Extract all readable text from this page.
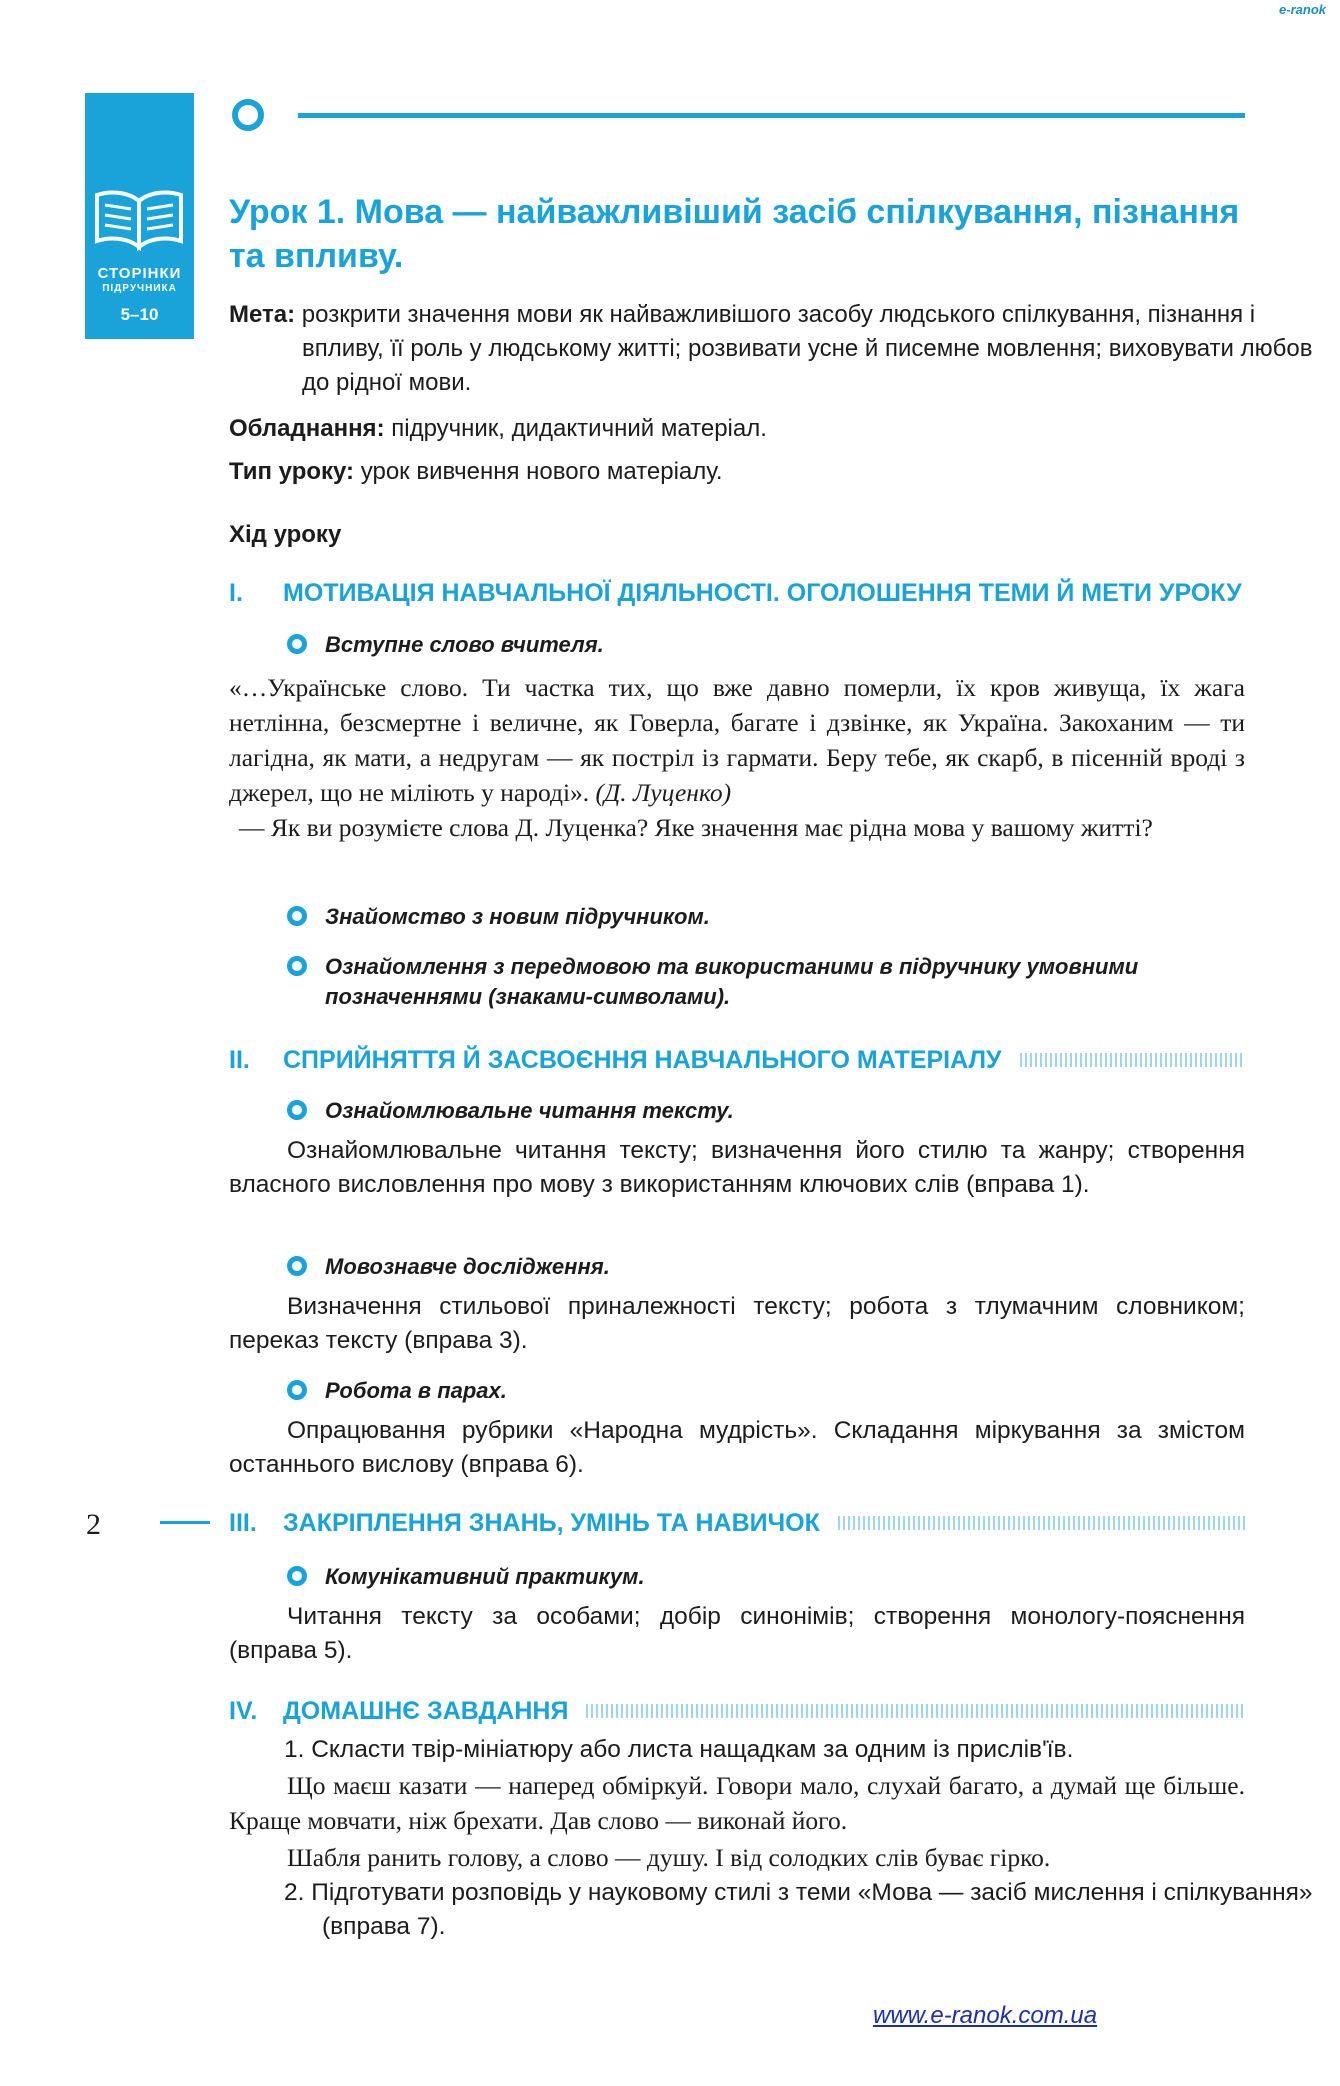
e-ranok
СТОРІНКИ
ПІДРУЧНИКА
5–10
Урок 1. Мова — найважливіший засіб спілкування, пізнання та впливу.

Мета: розкрити значення мови як найважливішого засобу людського спілкування, пізнання і впливу, її роль у людському житті; розвивати усне й писемне мовлення; виховувати любов до рідної мови.

Обладнання: підручник, дидактичний матеріал.

Тип уроку: урок вивчення нового матеріалу.

Хід уроку

I.	МОТИВАЦІЯ НАВЧАЛЬНОЇ ДІЯЛЬНОСТІ. ОГОЛОШЕННЯ ТЕМИ Й МЕТИ УРОКУ
Вступне слово вчителя.

«…Українське слово. Ти частка тих, що вже давно померли, їх кров живуща, їх жага нетлінна, безсмертне і величне, як Говерла, багате і дзвінке, як Україна. Закоханим — ти лагідна, як мати, а недругам — як постріл із гармати. Беру тебе, як скарб, в пісенній вроді з джерел, що не міліють у народі». (Д. Луценко)

— Як ви розумієте слова Д. Луценка? Яке значення має рідна мова у вашому житті?

Знайомство з новим підручником.
Ознайомлення з передмовою та використаними в підручнику умовними позначеннями (знаками-символами).
II.	СПРИЙНЯТТЯ Й ЗАСВОЄННЯ НАВЧАЛЬНОГО МАТЕРІАЛУ
Ознайомлювальне читання тексту.

Ознайомлювальне читання тексту; визначення його стилю та жанру; створення власного висловлення про мову з використанням ключових слів (вправа 1).

Мовознавче дослідження.

Визначення стильової приналежності тексту; робота з тлумачним словником; переказ тексту (вправа 3).

Робота в парах.

Опрацювання рубрики «Народна мудрість». Складання міркування за змістом останнього вислову (вправа 6).

2	III.	ЗАКРІПЛЕННЯ ЗНАНЬ, УМІНЬ ТА НАВИЧОК
Комунікативний практикум.

Читання тексту за особами; добір синонімів; створення монологу-пояснення (вправа 5).

IV.	ДОМАШНЄ ЗАВДАННЯ

1. Скласти твір-мініатюру або листа нащадкам за одним із прислів'їв.

Що маєш казати — наперед обміркуй. Говори мало, слухай багато, а думай ще більше. Краще мовчати, ніж брехати. Дав слово — виконай його.

Шабля ранить голову, а слово — душу. І від солодких слів буває гірко.

2. Підготувати розповідь у науковому стилі з теми «Мова — засіб мислення і спілкування» (вправа 7).

www.e-ranok.com.ua
